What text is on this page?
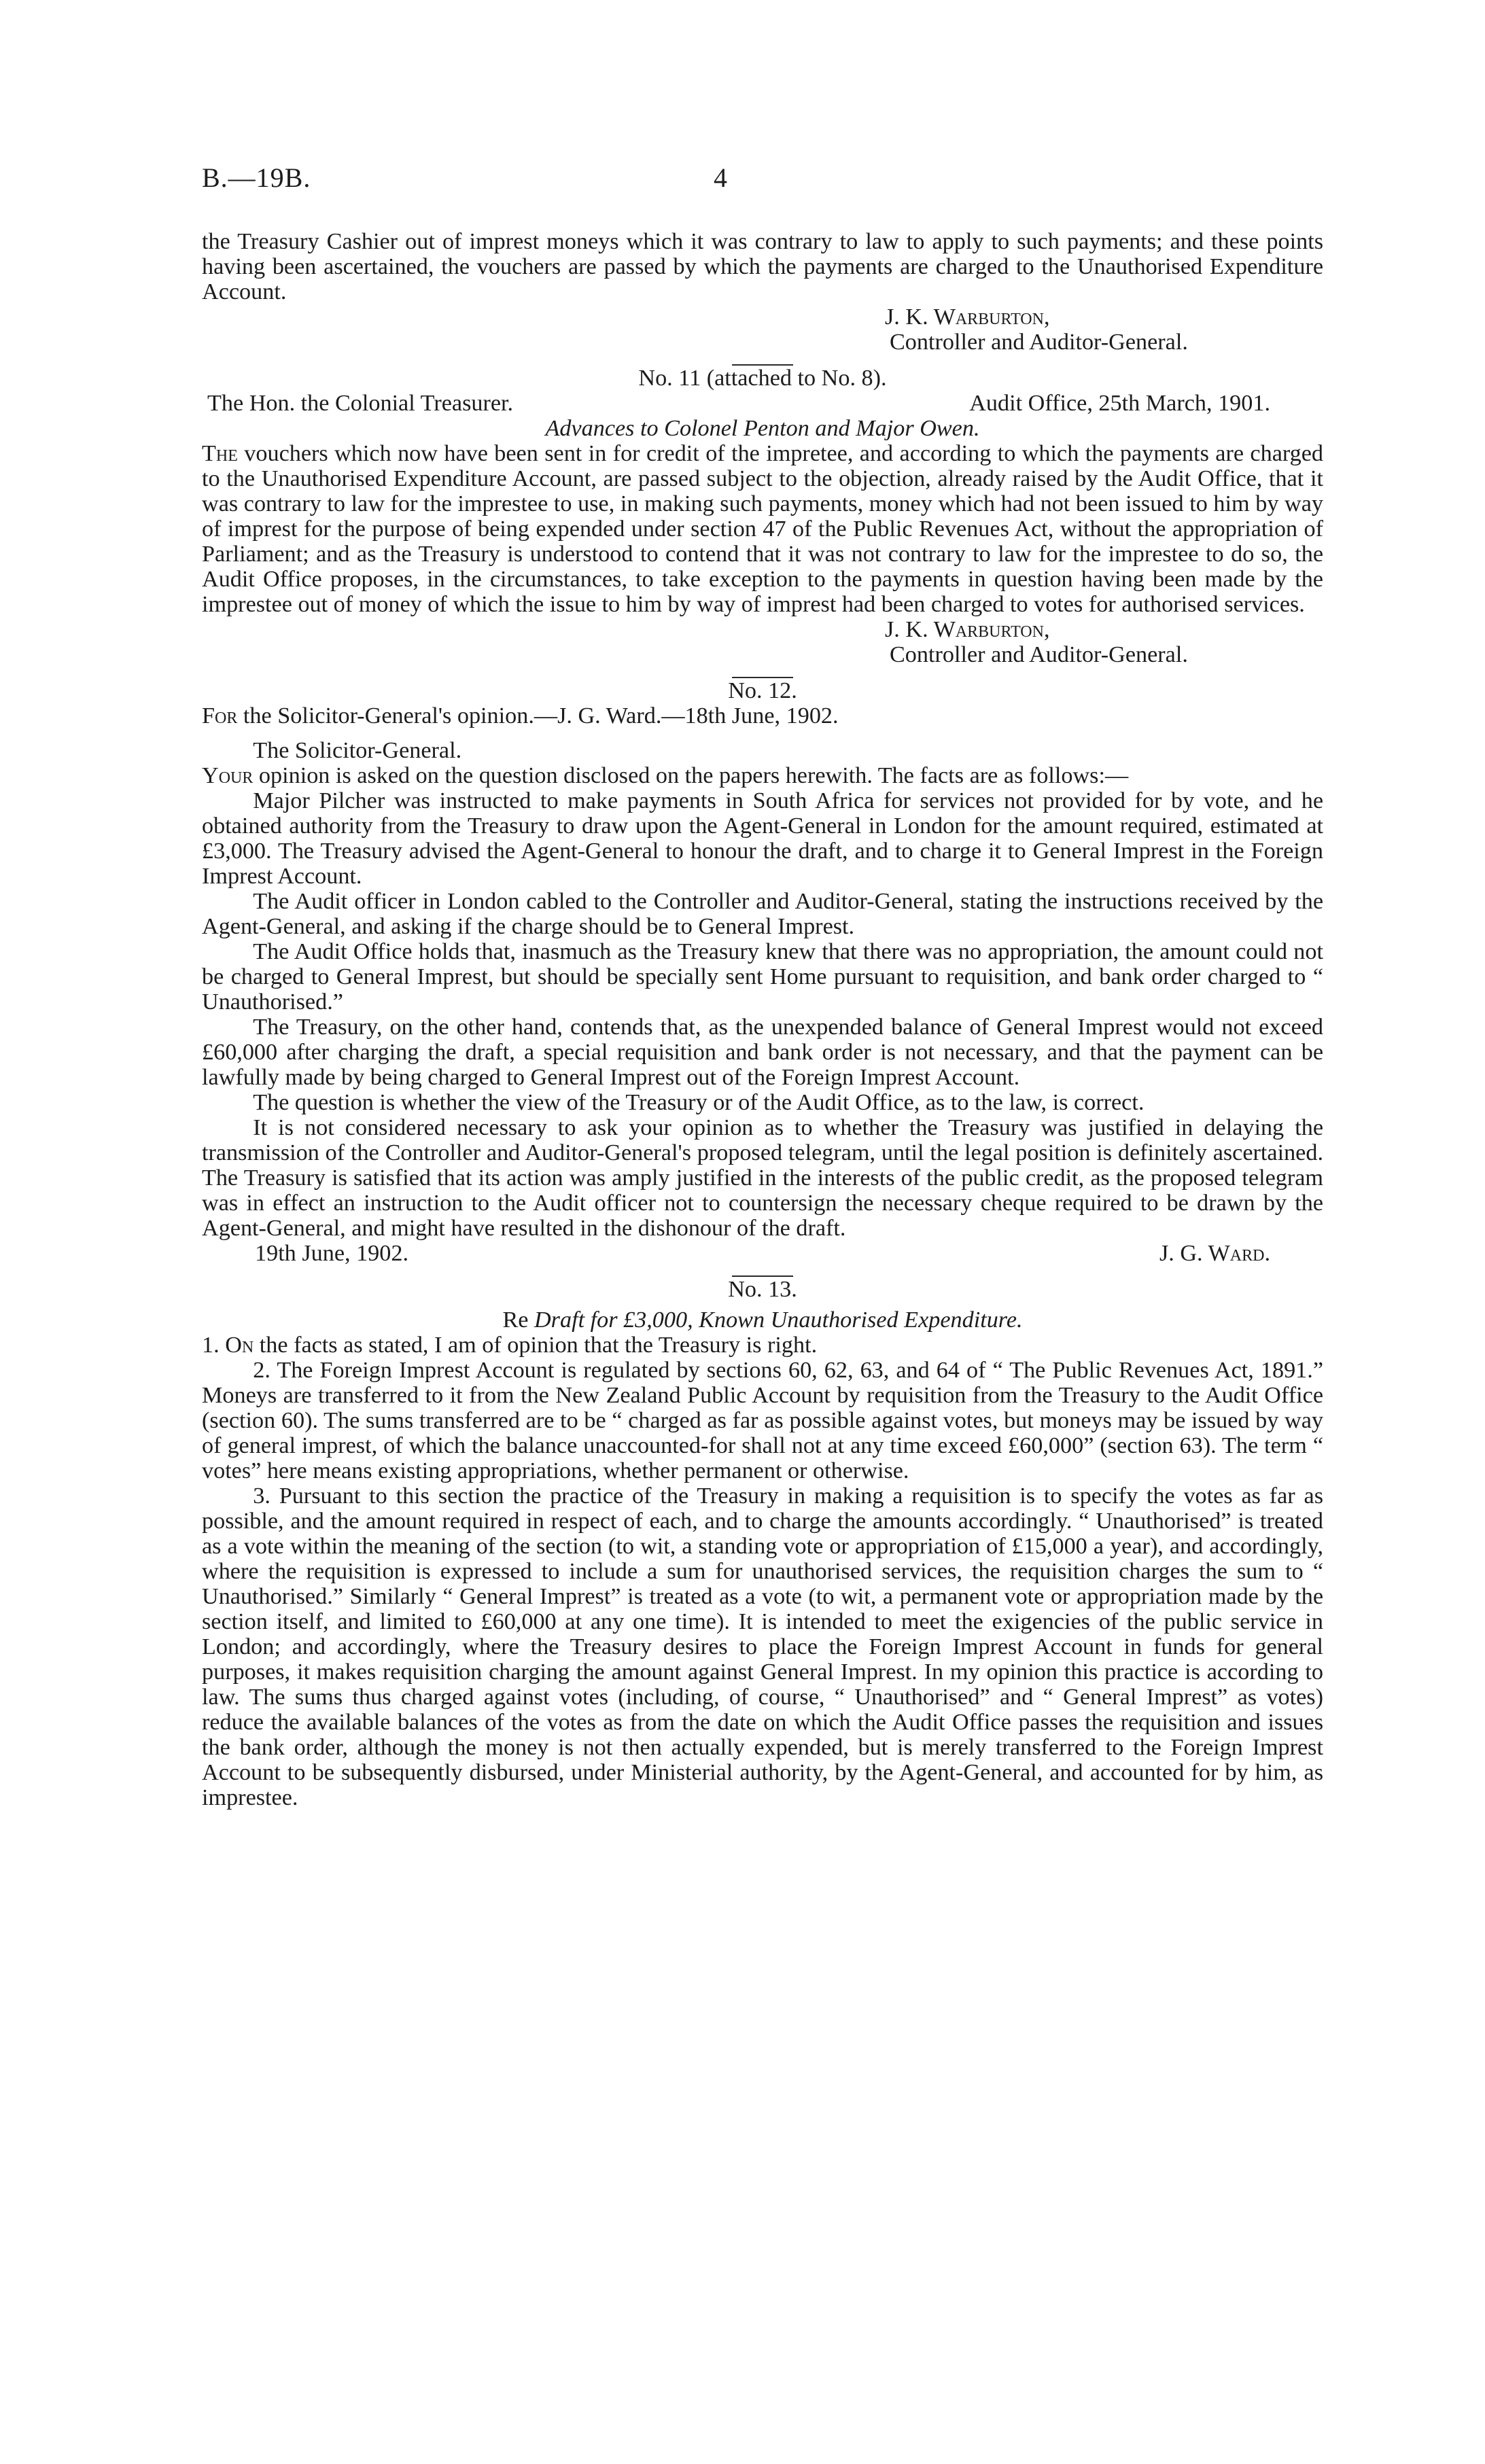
B.—19B.	4

the Treasury Cashier out of imprest moneys which it was contrary to law to apply to such payments; and these points having been ascertained, the vouchers are passed by which the payments are charged to the Unauthorised Expenditure Account.

J. K. Warburton,

Controller and Auditor-General.

No. 11 (attached to No. 8).

The Hon. the Colonial Treasurer.	Audit Office, 25th March, 1901.

Advances to Colonel Penton and Major Owen.

The vouchers which now have been sent in for credit of the impretee, and according to which the payments are charged to the Unauthorised Expenditure Account, are passed subject to the objection, already raised by the Audit Office, that it was contrary to law for the imprestee to use, in making such payments, money which had not been issued to him by way of imprest for the purpose of being expended under section 47 of the Public Revenues Act, without the appropriation of Parliament; and as the Treasury is understood to contend that it was not contrary to law for the imprestee to do so, the Audit Office proposes, in the circumstances, to take exception to the payments in question having been made by the imprestee out of money of which the issue to him by way of imprest had been charged to votes for authorised services.

J. K. Warburton,

Controller and Auditor-General.

No. 12.

For the Solicitor-General's opinion.—J. G. Ward.—18th June, 1902.

The Solicitor-General.

Your opinion is asked on the question disclosed on the papers herewith. The facts are as follows:—

Major Pilcher was instructed to make payments in South Africa for services not provided for by vote, and he obtained authority from the Treasury to draw upon the Agent-General in London for the amount required, estimated at £3,000. The Treasury advised the Agent-General to honour the draft, and to charge it to General Imprest in the Foreign Imprest Account.

The Audit officer in London cabled to the Controller and Auditor-General, stating the instructions received by the Agent-General, and asking if the charge should be to General Imprest.

The Audit Office holds that, inasmuch as the Treasury knew that there was no appropriation, the amount could not be charged to General Imprest, but should be specially sent Home pursuant to requisition, and bank order charged to “ Unauthorised.”

The Treasury, on the other hand, contends that, as the unexpended balance of General Imprest would not exceed £60,000 after charging the draft, a special requisition and bank order is not necessary, and that the payment can be lawfully made by being charged to General Imprest out of the Foreign Imprest Account.

The question is whether the view of the Treasury or of the Audit Office, as to the law, is correct.

It is not considered necessary to ask your opinion as to whether the Treasury was justified in delaying the transmission of the Controller and Auditor-General's proposed telegram, until the legal position is definitely ascertained. The Treasury is satisfied that its action was amply justified in the interests of the public credit, as the proposed telegram was in effect an instruction to the Audit officer not to countersign the necessary cheque required to be drawn by the Agent-General, and might have resulted in the dishonour of the draft.

19th June, 1902.	J. G. Ward.

No. 13.

Re Draft for £3,000, Known Unauthorised Expenditure.

1. On the facts as stated, I am of opinion that the Treasury is right.

2. The Foreign Imprest Account is regulated by sections 60, 62, 63, and 64 of “ The Public Revenues Act, 1891.” Moneys are transferred to it from the New Zealand Public Account by requisition from the Treasury to the Audit Office (section 60). The sums transferred are to be “ charged as far as possible against votes, but moneys may be issued by way of general imprest, of which the balance unaccounted-for shall not at any time exceed £60,000” (section 63). The term “ votes” here means existing appropriations, whether permanent or otherwise.

3. Pursuant to this section the practice of the Treasury in making a requisition is to specify the votes as far as possible, and the amount required in respect of each, and to charge the amounts accordingly. “ Unauthorised” is treated as a vote within the meaning of the section (to wit, a standing vote or appropriation of £15,000 a year), and accordingly, where the requisition is expressed to include a sum for unauthorised services, the requisition charges the sum to “ Unauthorised.” Similarly “ General Imprest” is treated as a vote (to wit, a permanent vote or appropriation made by the section itself, and limited to £60,000 at any one time). It is intended to meet the exigencies of the public service in London; and accordingly, where the Treasury desires to place the Foreign Imprest Account in funds for general purposes, it makes requisition charging the amount against General Imprest. In my opinion this practice is according to law. The sums thus charged against votes (including, of course, “ Unauthorised” and “ General Imprest” as votes) reduce the available balances of the votes as from the date on which the Audit Office passes the requisition and issues the bank order, although the money is not then actually expended, but is merely transferred to the Foreign Imprest Account to be subsequently disbursed, under Ministerial authority, by the Agent-General, and accounted for by him, as imprestee.
